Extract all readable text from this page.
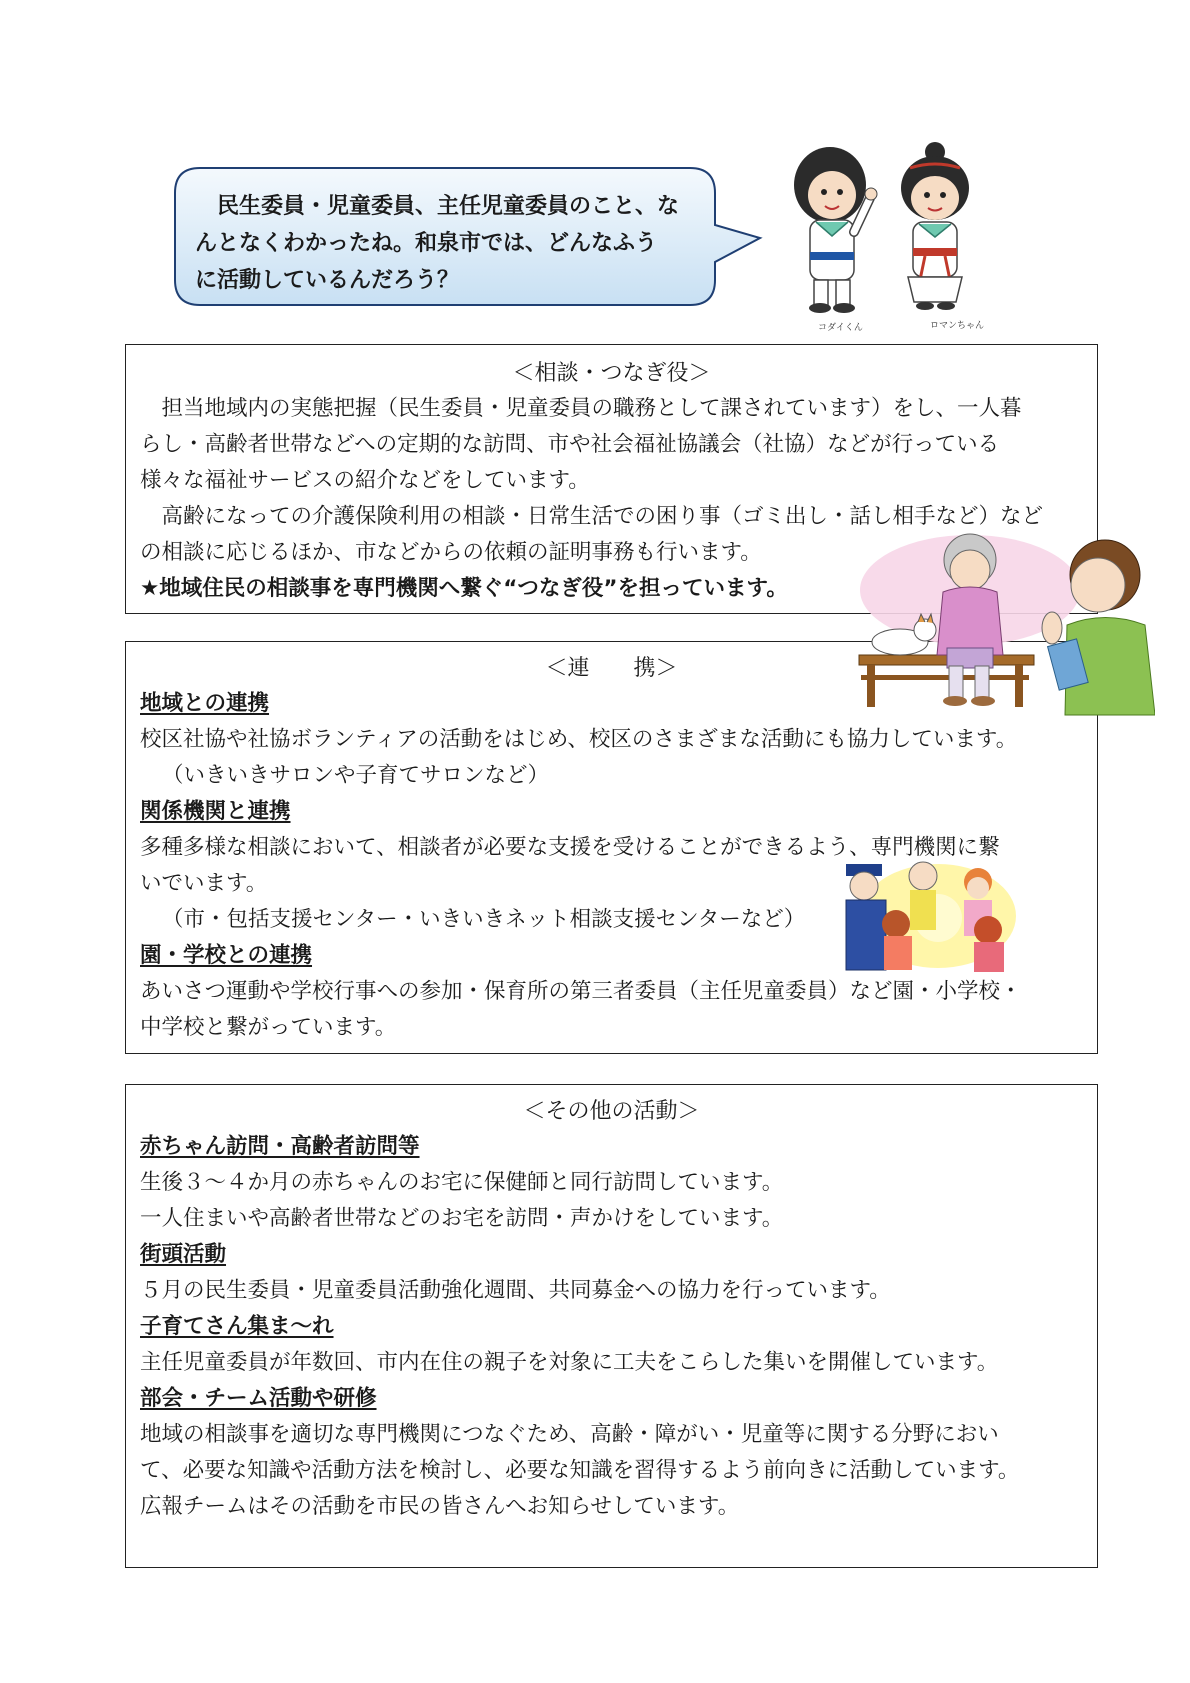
　民生委員・児童委員、主任児童委員のこと、な
んとなくわかったね。和泉市では、どんなふう
に活動しているんだろう？
コダイくん	ロマンちゃん
＜相談・つなぎ役＞
　担当地域内の実態把握（民生委員・児童委員の職務として課されています）をし、一人暮
らし・高齢者世帯などへの定期的な訪問、市や社会福祉協議会（社協）などが行っている
様々な福祉サービスの紹介などをしています。
　高齢になっての介護保険利用の相談・日常生活での困り事（ゴミ出し・話し相手など）など
の相談に応じるほか、市などからの依頼の証明事務も行います。
★地域住民の相談事を専門機関へ繋ぐ“つなぎ役”を担っています。
＜連　　携＞
地域との連携
校区社協や社協ボランティアの活動をはじめ、校区のさまざまな活動にも協力しています。
（いきいきサロンや子育てサロンなど）
関係機関と連携
多種多様な相談において、相談者が必要な支援を受けることができるよう、専門機関に繋
いでいます。
（市・包括支援センター・いきいきネット相談支援センターなど）
園・学校との連携
あいさつ運動や学校行事への参加・保育所の第三者委員（主任児童委員）など園・小学校・
中学校と繋がっています。
＜その他の活動＞
赤ちゃん訪問・高齢者訪問等
生後３～４か月の赤ちゃんのお宅に保健師と同行訪問しています。
一人住まいや高齢者世帯などのお宅を訪問・声かけをしています。
街頭活動
５月の民生委員・児童委員活動強化週間、共同募金への協力を行っています。
子育てさん集ま～れ
主任児童委員が年数回、市内在住の親子を対象に工夫をこらした集いを開催しています。
部会・チーム活動や研修
地域の相談事を適切な専門機関につなぐため、高齢・障がい・児童等に関する分野におい
て、必要な知識や活動方法を検討し、必要な知識を習得するよう前向きに活動しています。
広報チームはその活動を市民の皆さんへお知らせしています。
